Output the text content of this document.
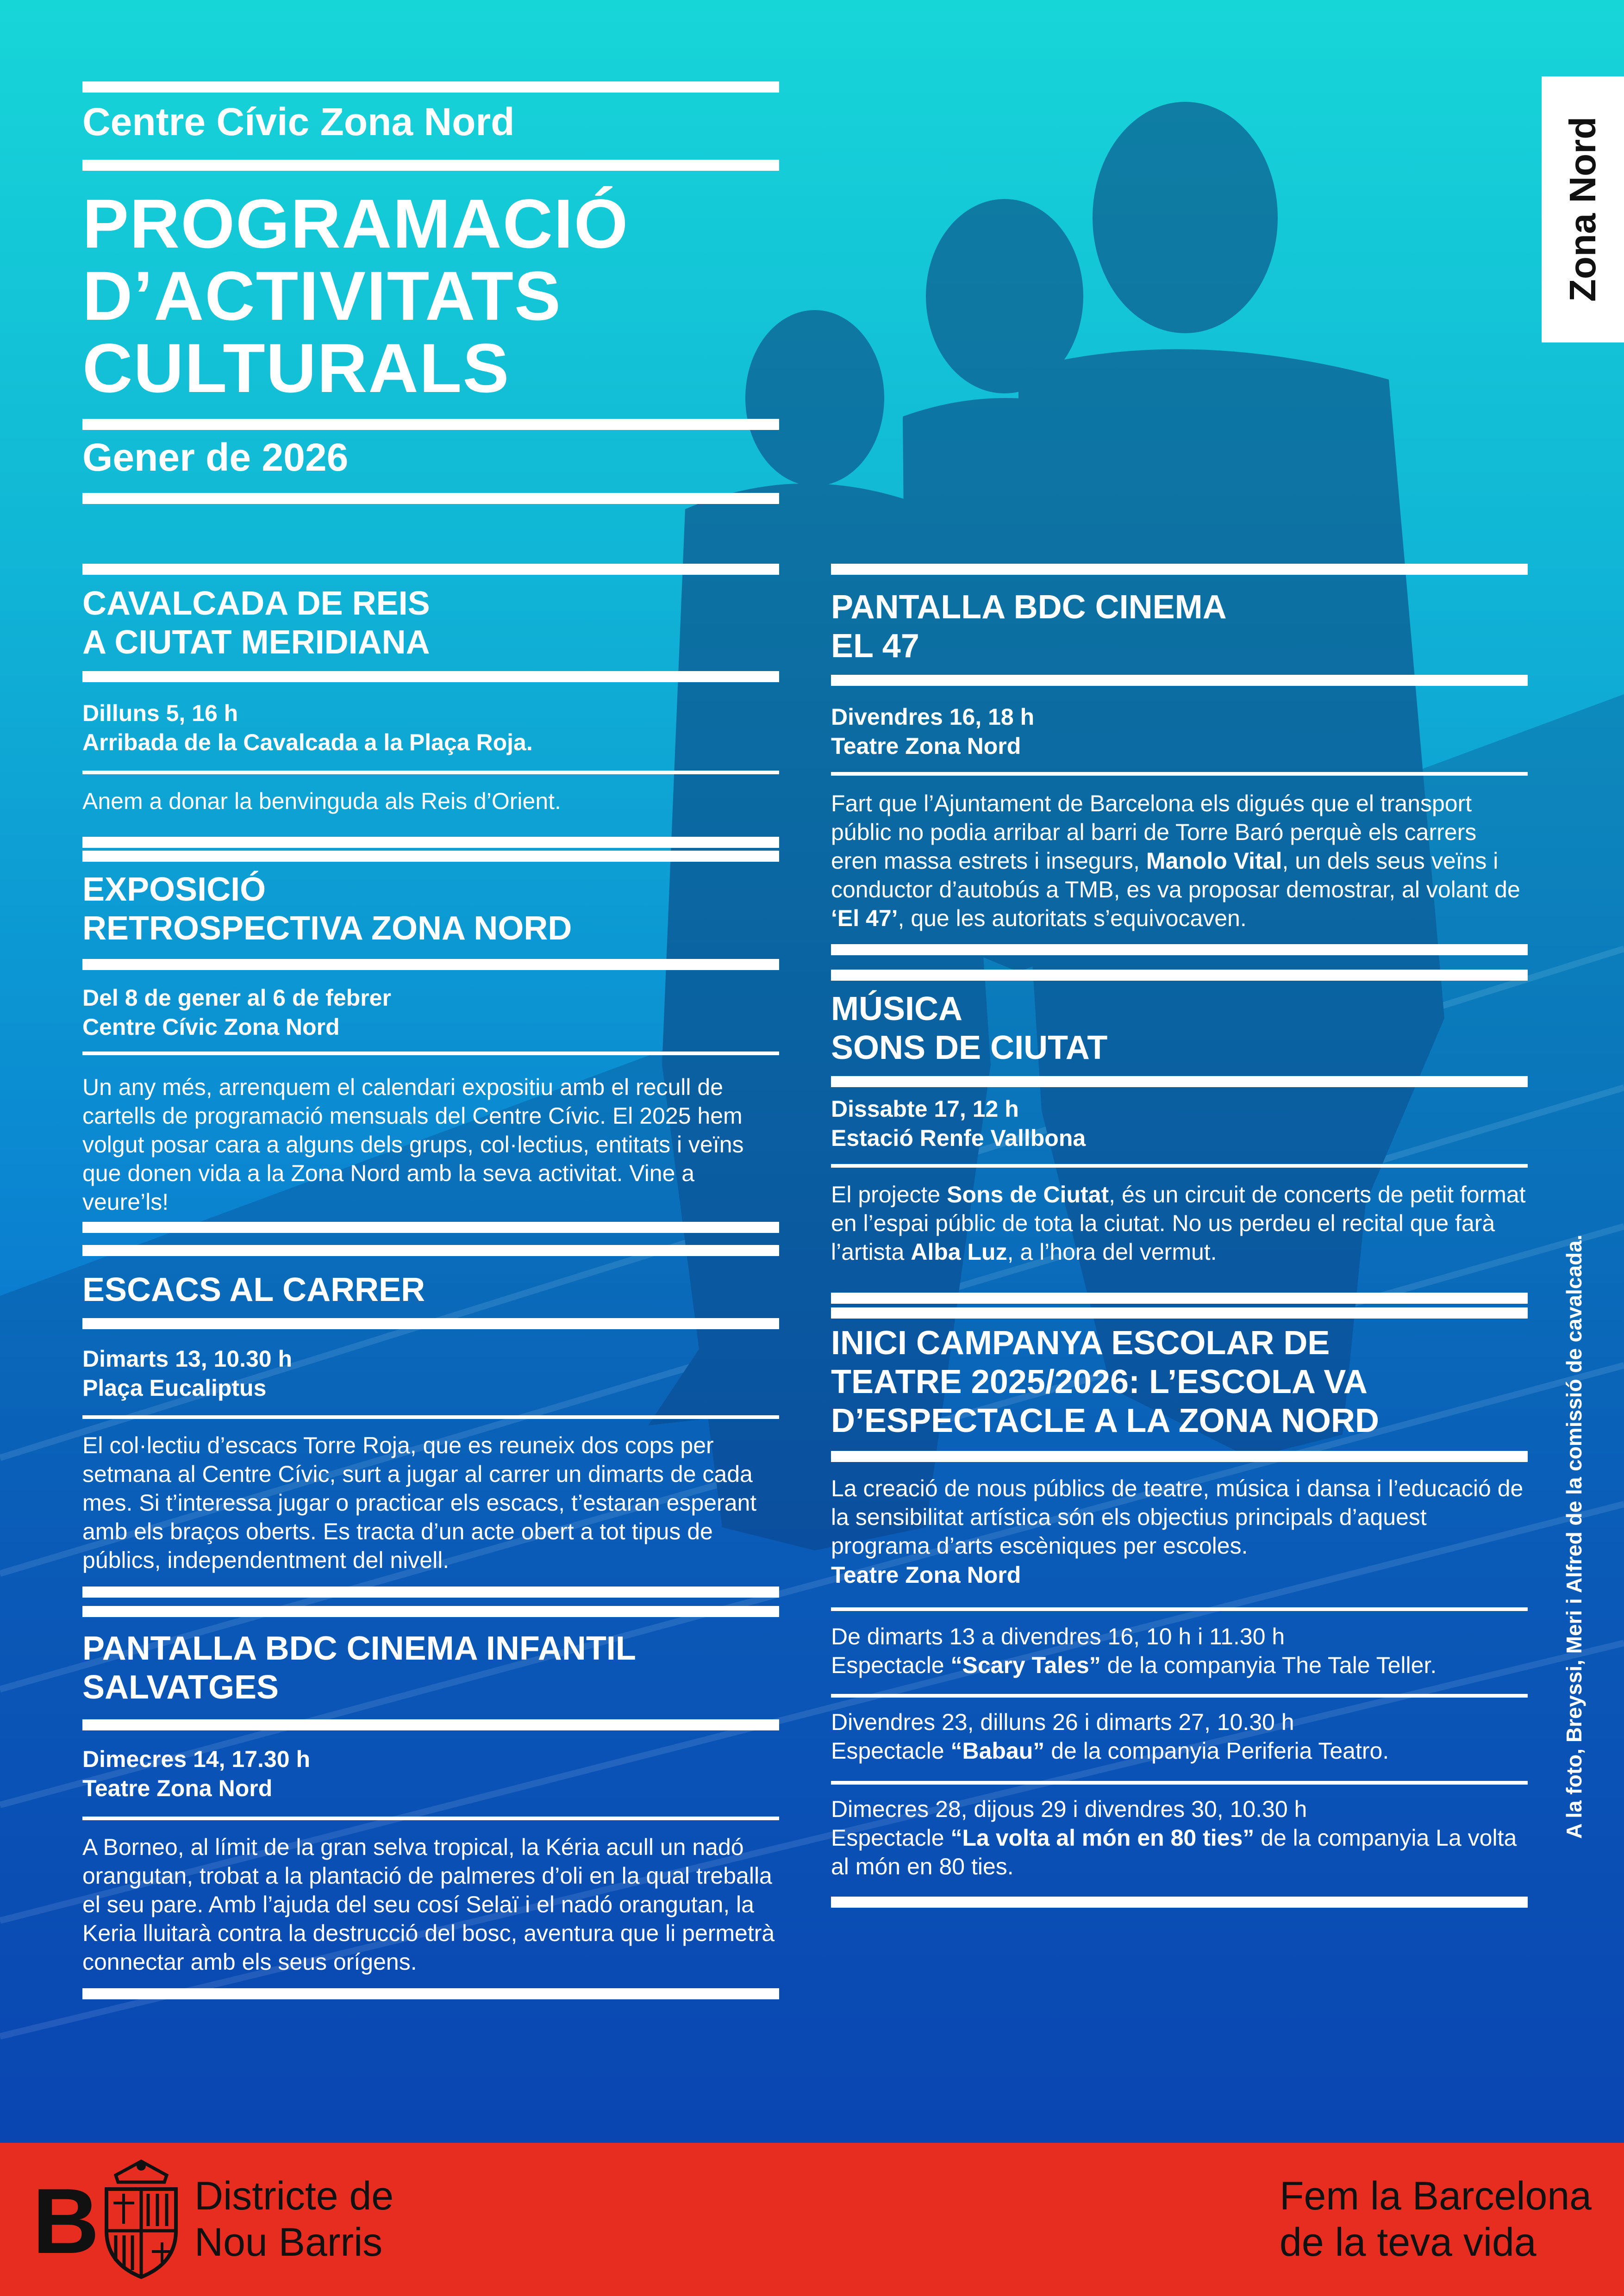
Centre Cívic Zona Nord
PROGRAMACIÓ
D’ACTIVITATS
CULTURALS
Gener de 2026
CAVALCADA DE REIS
A CIUTAT MERIDIANA
Dilluns 5, 16 h
Arribada de la Cavalcada a la Plaça Roja.
Anem a donar la benvinguda als Reis d’Orient.
EXPOSICIÓ
RETROSPECTIVA ZONA NORD
Del 8 de gener al 6 de febrer
Centre Cívic Zona Nord
Un any més, arrenquem el calendari expositiu amb el recull de cartells de programació mensuals del Centre Cívic. El 2025 hem volgut posar cara a alguns dels grups, col·lectius, entitats i veïns que donen vida a la Zona Nord amb la seva activitat. Vine a veure’ls!
ESCACS AL CARRER
Dimarts 13, 10.30 h
Plaça Eucaliptus
El col·lectiu d’escacs Torre Roja, que es reuneix dos cops per setmana al Centre Cívic, surt a jugar al carrer un dimarts de cada mes. Si t’interessa jugar o practicar els escacs, t’estaran esperant amb els braços oberts. Es tracta d’un acte obert a tot tipus de públics, independentment del nivell.
PANTALLA BDC CINEMA INFANTIL
SALVATGES
Dimecres 14, 17.30 h
Teatre Zona Nord
A Borneo, al límit de la gran selva tropical, la Kéria acull un nadó orangutan, trobat a la plantació de palmeres d’oli en la qual treballa el seu pare. Amb l’ajuda del seu cosí Selaï i el nadó orangutan, la Keria lluitarà contra la destrucció del bosc, aventura que li permetrà connectar amb els seus orígens.
PANTALLA BDC CINEMA
EL 47
Divendres 16, 18 h
Teatre Zona Nord
Fart que l’Ajuntament de Barcelona els digués que el transport públic no podia arribar al barri de Torre Baró perquè els carrers eren massa estrets i insegurs, Manolo Vital, un dels seus veïns i conductor d’autobús a TMB, es va proposar demostrar, al volant de ‘El 47’, que les autoritats s’equivocaven.
MÚSICA
SONS DE CIUTAT
Dissabte 17, 12 h
Estació Renfe Vallbona
El projecte Sons de Ciutat, és un circuit de concerts de petit format en l’espai públic de tota la ciutat. No us perdeu el recital que farà l’artista Alba Luz, a l’hora del vermut.
INICI CAMPANYA ESCOLAR DE
TEATRE 2025/2026: L’ESCOLA VA
D’ESPECTACLE A LA ZONA NORD
La creació de nous públics de teatre, música i dansa i l’educació de la sensibilitat artística són els objectius principals d’aquest programa d’arts escèniques per escoles.
Teatre Zona Nord
De dimarts 13 a divendres 16, 10 h i 11.30 h
Espectacle “Scary Tales” de la companyia The Tale Teller.
Divendres 23, dilluns 26 i dimarts 27, 10.30 h
Espectacle “Babau” de la companyia Periferia Teatro.
Dimecres 28, dijous 29 i divendres 30, 10.30 h
Espectacle “La volta al món en 80 ties” de la companyia La volta al món en 80 ties.
Zona Nord
A la foto, Breyssi, Meri i Alfred de la comissió de cavalcada.
B Districte de
Nou Barris
Fem la Barcelona
de la teva vida
